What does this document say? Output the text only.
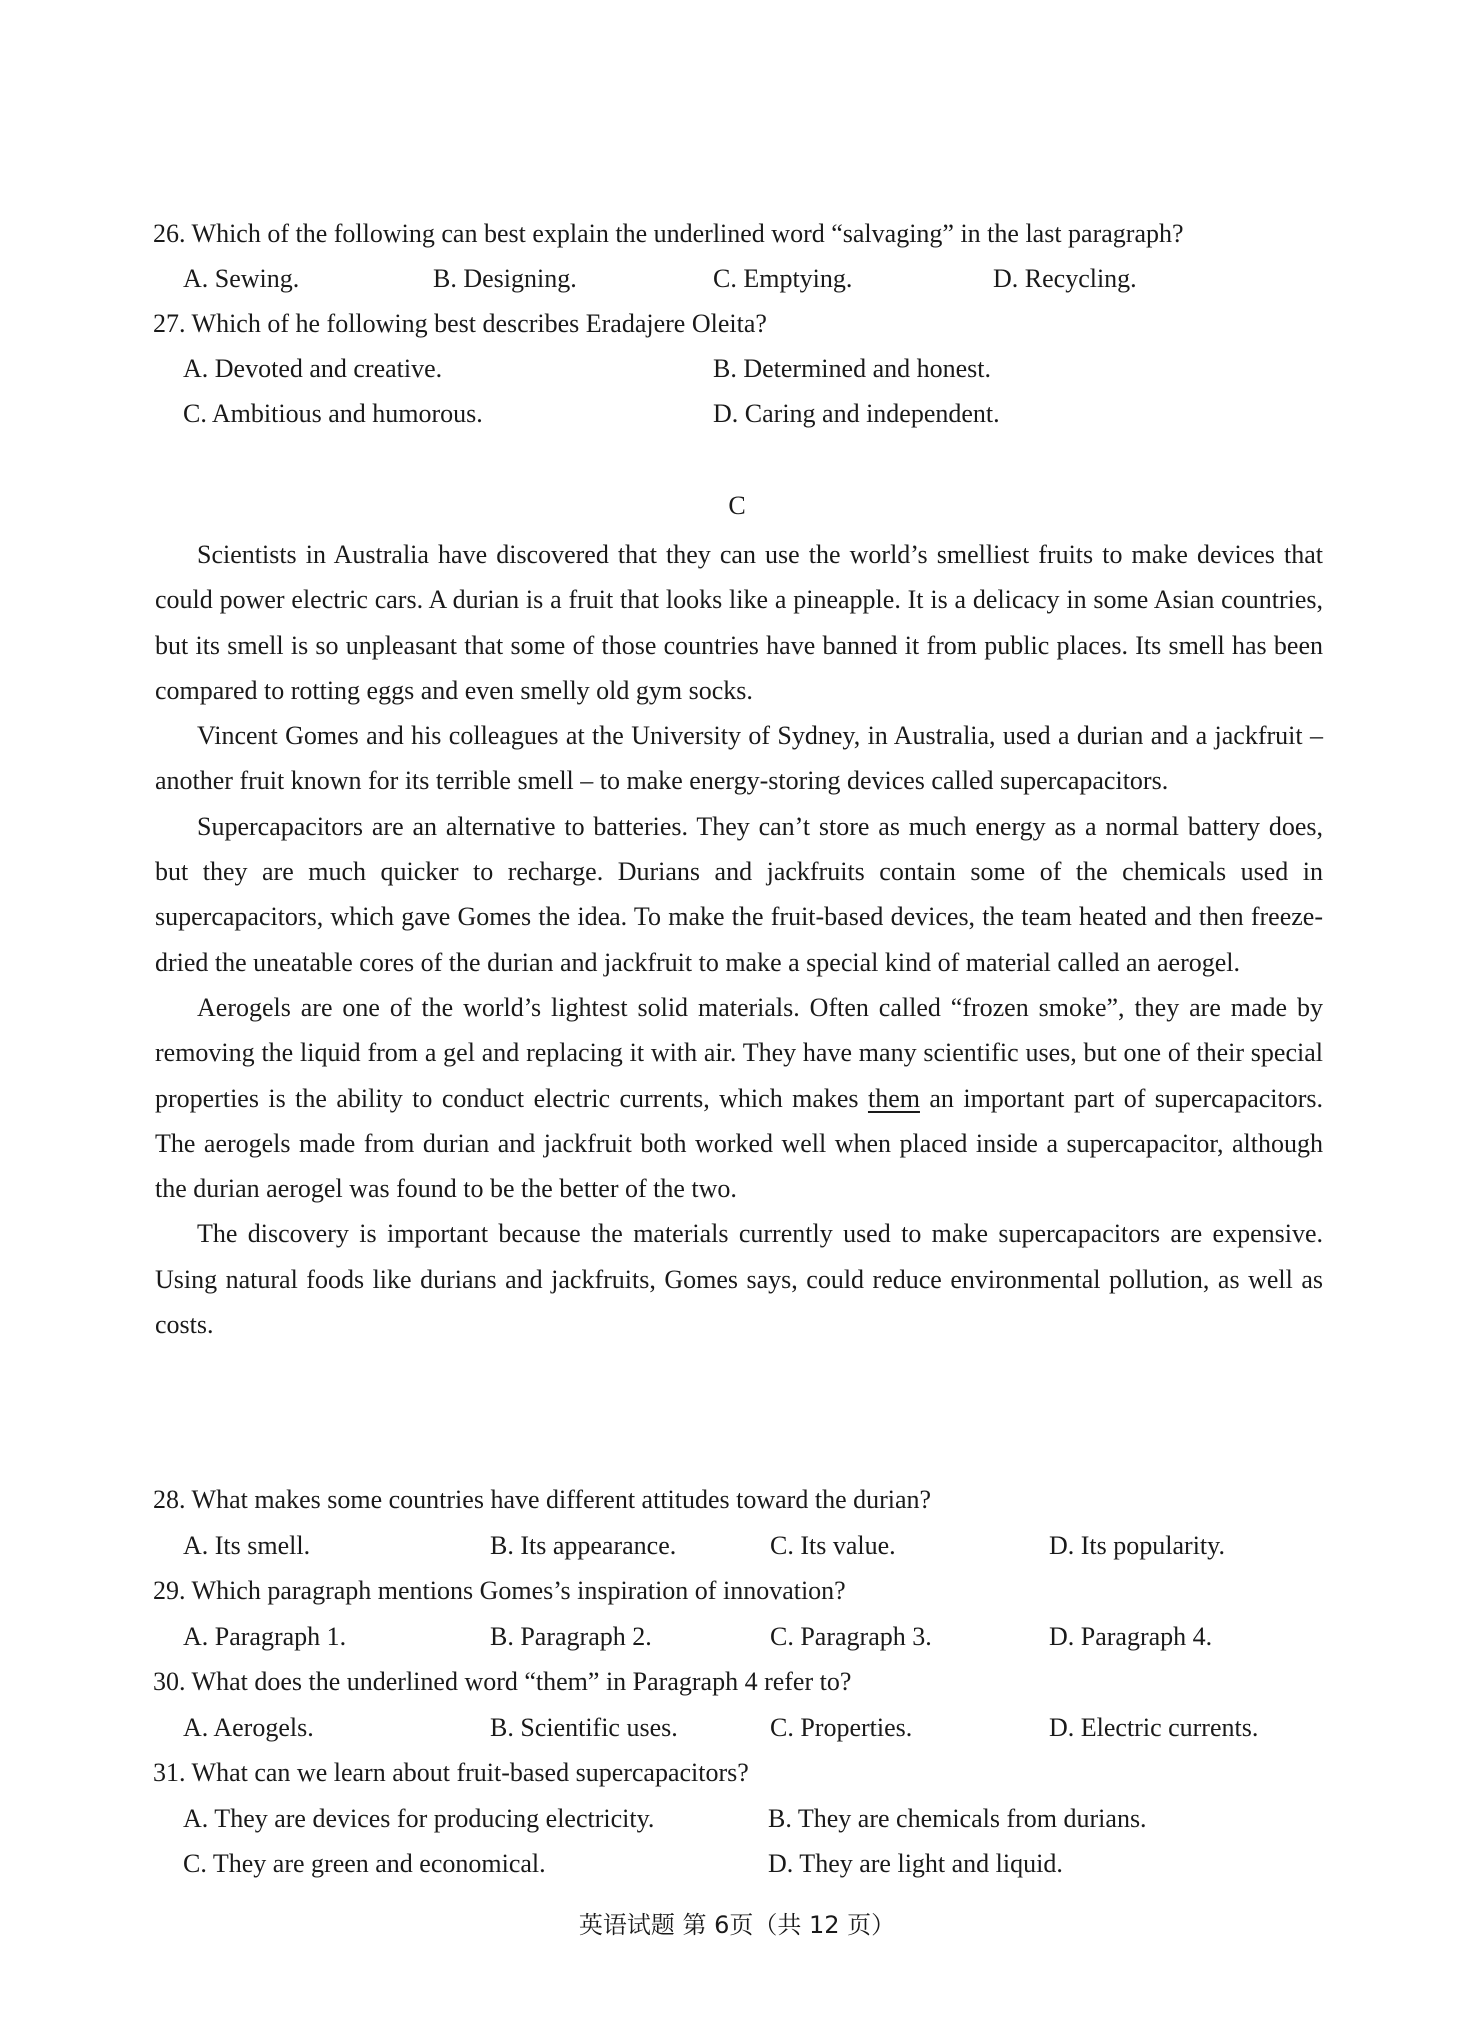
26. Which of the following can best explain the underlined word “salvaging” in the last paragraph?
A. Sewing.	B. Designing.	C. Emptying.	D. Recycling.
27. Which of he following best describes Eradajere Oleita?
A. Devoted and creative.	B. Determined and honest.
C. Ambitious and humorous.	D. Caring and independent.
C

Scientists in Australia have discovered that they can use the world’s smelliest fruits to make devices that could power electric cars. A durian is a fruit that looks like a pineapple. It is a delicacy in some Asian countries, but its smell is so unpleasant that some of those countries have banned it from public places. Its smell has been compared to rotting eggs and even smelly old gym socks.

Vincent Gomes and his colleagues at the University of Sydney, in Australia, used a durian and a jackfruit – another fruit known for its terrible smell – to make energy-storing devices called supercapacitors.

Supercapacitors are an alternative to batteries. They can’t store as much energy as a normal battery does, but they are much quicker to recharge. Durians and jackfruits contain some of the chemicals used in supercapacitors, which gave Gomes the idea. To make the fruit-based devices, the team heated and then freeze-dried the uneatable cores of the durian and jackfruit to make a special kind of material called an aerogel.

Aerogels are one of the world’s lightest solid materials. Often called “frozen smoke”, they are made by removing the liquid from a gel and replacing it with air. They have many scientific uses, but one of their special properties is the ability to conduct electric currents, which makes them an important part of supercapacitors. The aerogels made from durian and jackfruit both worked well when placed inside a supercapacitor, although the durian aerogel was found to be the better of the two.

The discovery is important because the materials currently used to make supercapacitors are expensive. Using natural foods like durians and jackfruits, Gomes says, could reduce environmental pollution, as well as costs.

28. What makes some countries have different attitudes toward the durian?
A. Its smell.	B. Its appearance.	C. Its value.	D. Its popularity.
29. Which paragraph mentions Gomes’s inspiration of innovation?
A. Paragraph 1.	B. Paragraph 2.	C. Paragraph 3.	D. Paragraph 4.
30. What does the underlined word “them” in Paragraph 4 refer to?
A. Aerogels.	B. Scientific uses.	C. Properties.	D. Electric currents.
31. What can we learn about fruit-based supercapacitors?
A. They are devices for producing electricity.	B. They are chemicals from durians.
C. They are green and economical.	D. They are light and liquid.
英语试题 第 6页（共 12 页）
